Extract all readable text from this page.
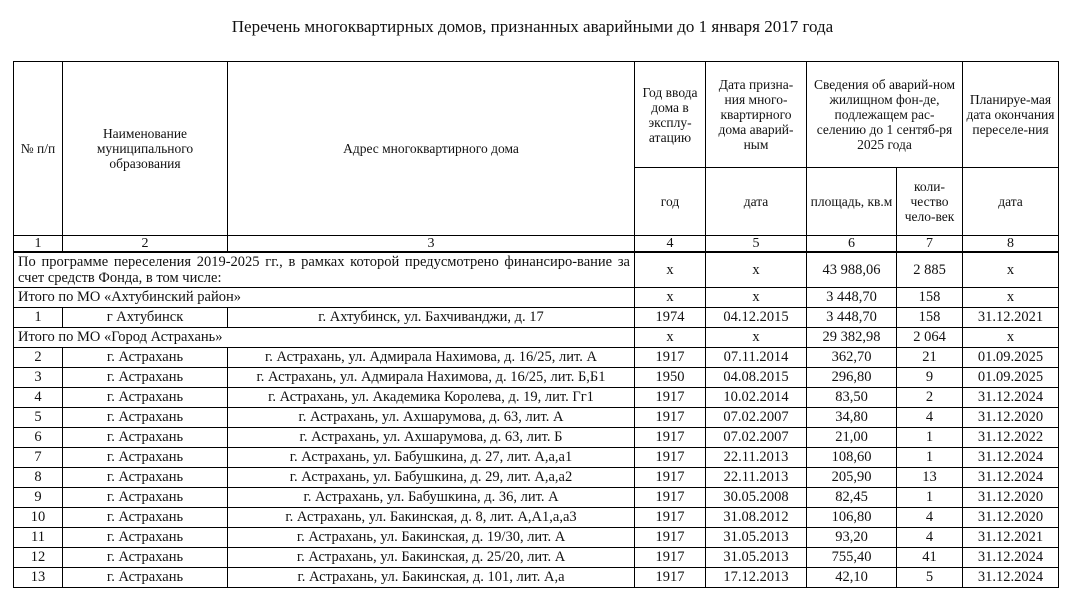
Перечень многоквартирных домов, признанных аварийными до 1 января 2017 года
№ п/п	Наименование муниципального образования	Адрес многоквартирного дома	Год ввода дома в эксплу-атацию	Дата призна-ния много-квартирного дома аварий-ным	Сведения об аварий-ном жилищном фон-де, подлежащем рас-селению до 1 сентяб-ря 2025 года		Планируе-мая дата окончания переселе-ния
			год	дата	площадь, кв.м	коли-чество чело-век	дата
1	2	3	4	5	6	7	8
По программе переселения 2019-2025 гг., в рамках которой предусмотрено финансиро-вание за счет средств Фонда, в том числе:			х	х	43 988,06	2 885	х
Итого по МО «Ахтубинский район»			х	х	3 448,70	158	х
1	г Ахтубинск	г. Ахтубинск, ул. Бахчиванджи, д. 17	1974	04.12.2015	3 448,70	158	31.12.2021
Итого по МО «Город Астрахань»			х	х	29 382,98	2 064	х
2	г. Астрахань	г. Астрахань, ул. Адмирала Нахимова, д. 16/25, лит. А	1917	07.11.2014	362,70	21	01.09.2025
3	г. Астрахань	г. Астрахань, ул. Адмирала Нахимова, д. 16/25, лит. Б,Б1	1950	04.08.2015	296,80	9	01.09.2025
4	г. Астрахань	г. Астрахань, ул. Академика Королева, д. 19, лит. Гг1	1917	10.02.2014	83,50	2	31.12.2024
5	г. Астрахань	г. Астрахань, ул. Ахшарумова, д. 63, лит. А	1917	07.02.2007	34,80	4	31.12.2020
6	г. Астрахань	г. Астрахань, ул. Ахшарумова, д. 63, лит. Б	1917	07.02.2007	21,00	1	31.12.2022
7	г. Астрахань	г. Астрахань, ул. Бабушкина, д. 27, лит. А,а,а1	1917	22.11.2013	108,60	1	31.12.2024
8	г. Астрахань	г. Астрахань, ул. Бабушкина, д. 29, лит. А,а,а2	1917	22.11.2013	205,90	13	31.12.2024
9	г. Астрахань	г. Астрахань, ул. Бабушкина, д. 36, лит. А	1917	30.05.2008	82,45	1	31.12.2020
10	г. Астрахань	г. Астрахань, ул. Бакинская, д. 8, лит. А,А1,а,а3	1917	31.08.2012	106,80	4	31.12.2020
11	г. Астрахань	г. Астрахань, ул. Бакинская, д. 19/30, лит. А	1917	31.05.2013	93,20	4	31.12.2021
12	г. Астрахань	г. Астрахань, ул. Бакинская, д. 25/20, лит. А	1917	31.05.2013	755,40	41	31.12.2024
13	г. Астрахань	г. Астрахань, ул. Бакинская, д. 101, лит. А,а	1917	17.12.2013	42,10	5	31.12.2024
